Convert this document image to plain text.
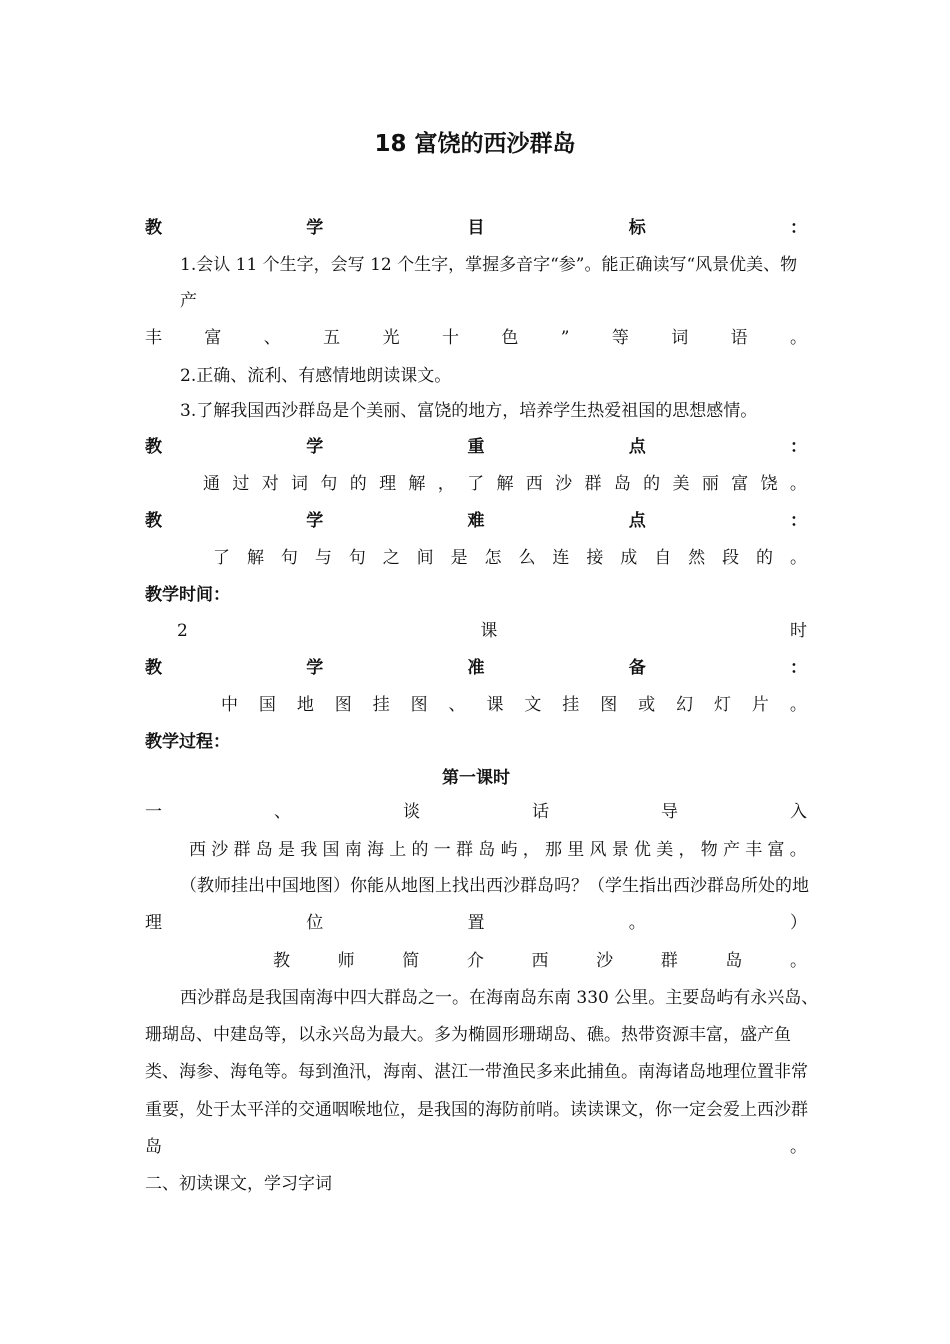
18 富饶的西沙群岛
教	学	目	标	：
1.会认 11 个生字，会写 12 个生字，掌握多音字“参”。能正确读写“风景优美、物
产
丰 富 、 五 光 十 色 ” 等 词 语 。
2.正确、流利、有感情地朗读课文。
3.了解我国西沙群岛是个美丽、富饶的地方，培养学生热爱祖国的思想感情。
教	学	重	点	：
通 过 对 词 句 的 理 解 ， 了 解 西 沙 群 岛 的 美 丽 富 饶 。
教	学	难	点	：
了 解 句 与 句 之 间 是 怎 么 连 接 成 自 然 段 的 。
教学时间：
2	课	时
教	学	准	备	：
中 国 地 图 挂 图 、 课 文 挂 图 或 幻 灯 片 。
教学过程：
第一课时
一	、	谈	话	导	入
西 沙 群 岛 是 我 国 南 海 上 的 一 群 岛 屿 ， 那 里 风 景 优 美 ， 物 产 丰 富 。
（教师挂出中国地图）你能从地图上找出西沙群岛吗？（学生指出西沙群岛所处的地
理	位	置	。	）
教	师	简	介	西	沙	群	岛	。
西沙群岛是我国南海中四大群岛之一。在海南岛东南 330 公里。主要岛屿有永兴岛、
珊瑚岛、中建岛等，以永兴岛为最大。多为椭圆形珊瑚岛、礁。热带资源丰富，盛产鱼
类、海参、海龟等。每到渔汛，海南、湛江一带渔民多来此捕鱼。南海诸岛地理位置非常
重要，处于太平洋的交通咽喉地位，是我国的海防前哨。读读课文，你一定会爱上西沙群
岛	。
二、初读课文，学习字词
